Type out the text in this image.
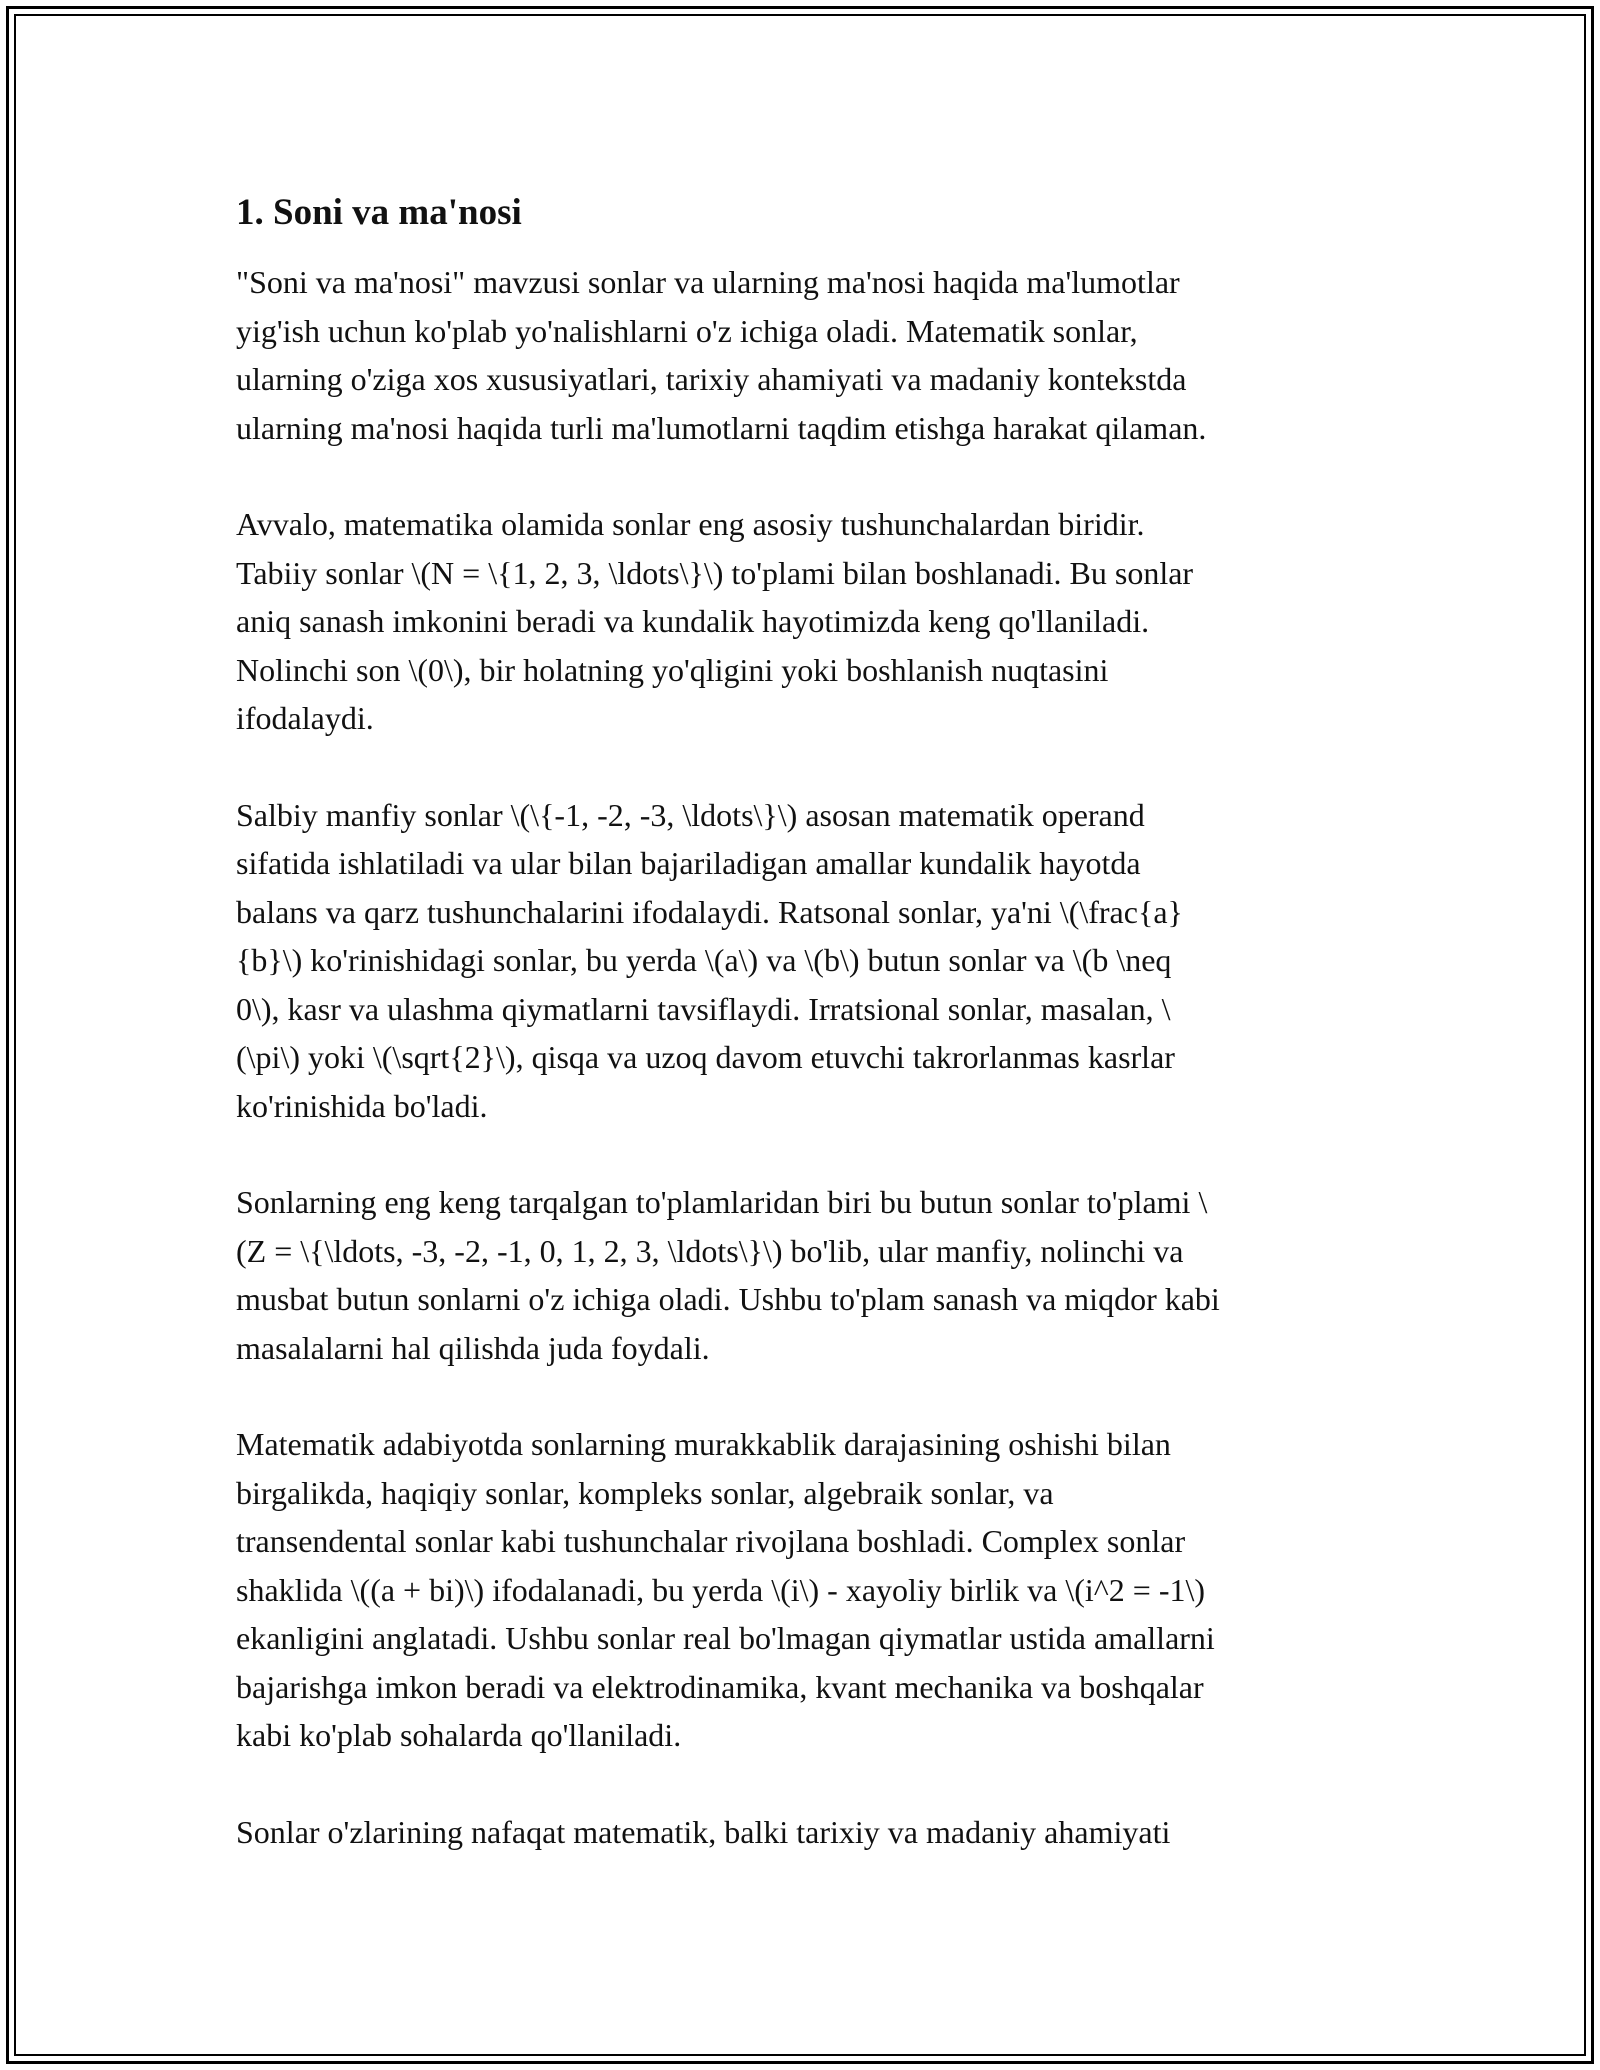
1. Soni va ma'nosi

"Soni va ma'nosi" mavzusi sonlar va ularning ma'nosi haqida ma'lumotlar
yig'ish uchun ko'plab yo'nalishlarni o'z ichiga oladi. Matematik sonlar,
ularning o'ziga xos xususiyatlari, tarixiy ahamiyati va madaniy kontekstda
ularning ma'nosi haqida turli ma'lumotlarni taqdim etishga harakat qilaman.

Avvalo, matematika olamida sonlar eng asosiy tushunchalardan biridir.
Tabiiy sonlar \(N = \{1, 2, 3, \ldots\}\) to'plami bilan boshlanadi. Bu sonlar
aniq sanash imkonini beradi va kundalik hayotimizda keng qo'llaniladi.
Nolinchi son \(0\), bir holatning yo'qligini yoki boshlanish nuqtasini
ifodalaydi.

Salbiy manfiy sonlar \(\{-1, -2, -3, \ldots\}\) asosan matematik operand
sifatida ishlatiladi va ular bilan bajariladigan amallar kundalik hayotda
balans va qarz tushunchalarini ifodalaydi. Ratsonal sonlar, ya'ni \(\frac{a}
{b}\) ko'rinishidagi sonlar, bu yerda \(a\) va \(b\) butun sonlar va \(b \neq
0\), kasr va ulashma qiymatlarni tavsiflaydi. Irratsional sonlar, masalan, \
(\pi\) yoki \(\sqrt{2}\), qisqa va uzoq davom etuvchi takrorlanmas kasrlar
ko'rinishida bo'ladi.

Sonlarning eng keng tarqalgan to'plamlaridan biri bu butun sonlar to'plami \
(Z = \{\ldots, -3, -2, -1, 0, 1, 2, 3, \ldots\}\) bo'lib, ular manfiy, nolinchi va
musbat butun sonlarni o'z ichiga oladi. Ushbu to'plam sanash va miqdor kabi
masalalarni hal qilishda juda foydali.

Matematik adabiyotda sonlarning murakkablik darajasining oshishi bilan
birgalikda, haqiqiy sonlar, kompleks sonlar, algebraik sonlar, va
transendental sonlar kabi tushunchalar rivojlana boshladi. Complex sonlar
shaklida \((a + bi)\) ifodalanadi, bu yerda \(i\) - xayoliy birlik va \(i^2 = -1\)
ekanligini anglatadi. Ushbu sonlar real bo'lmagan qiymatlar ustida amallarni
bajarishga imkon beradi va elektrodinamika, kvant mechanika va boshqalar
kabi ko'plab sohalarda qo'llaniladi.

Sonlar o'zlarining nafaqat matematik, balki tarixiy va madaniy ahamiyati
